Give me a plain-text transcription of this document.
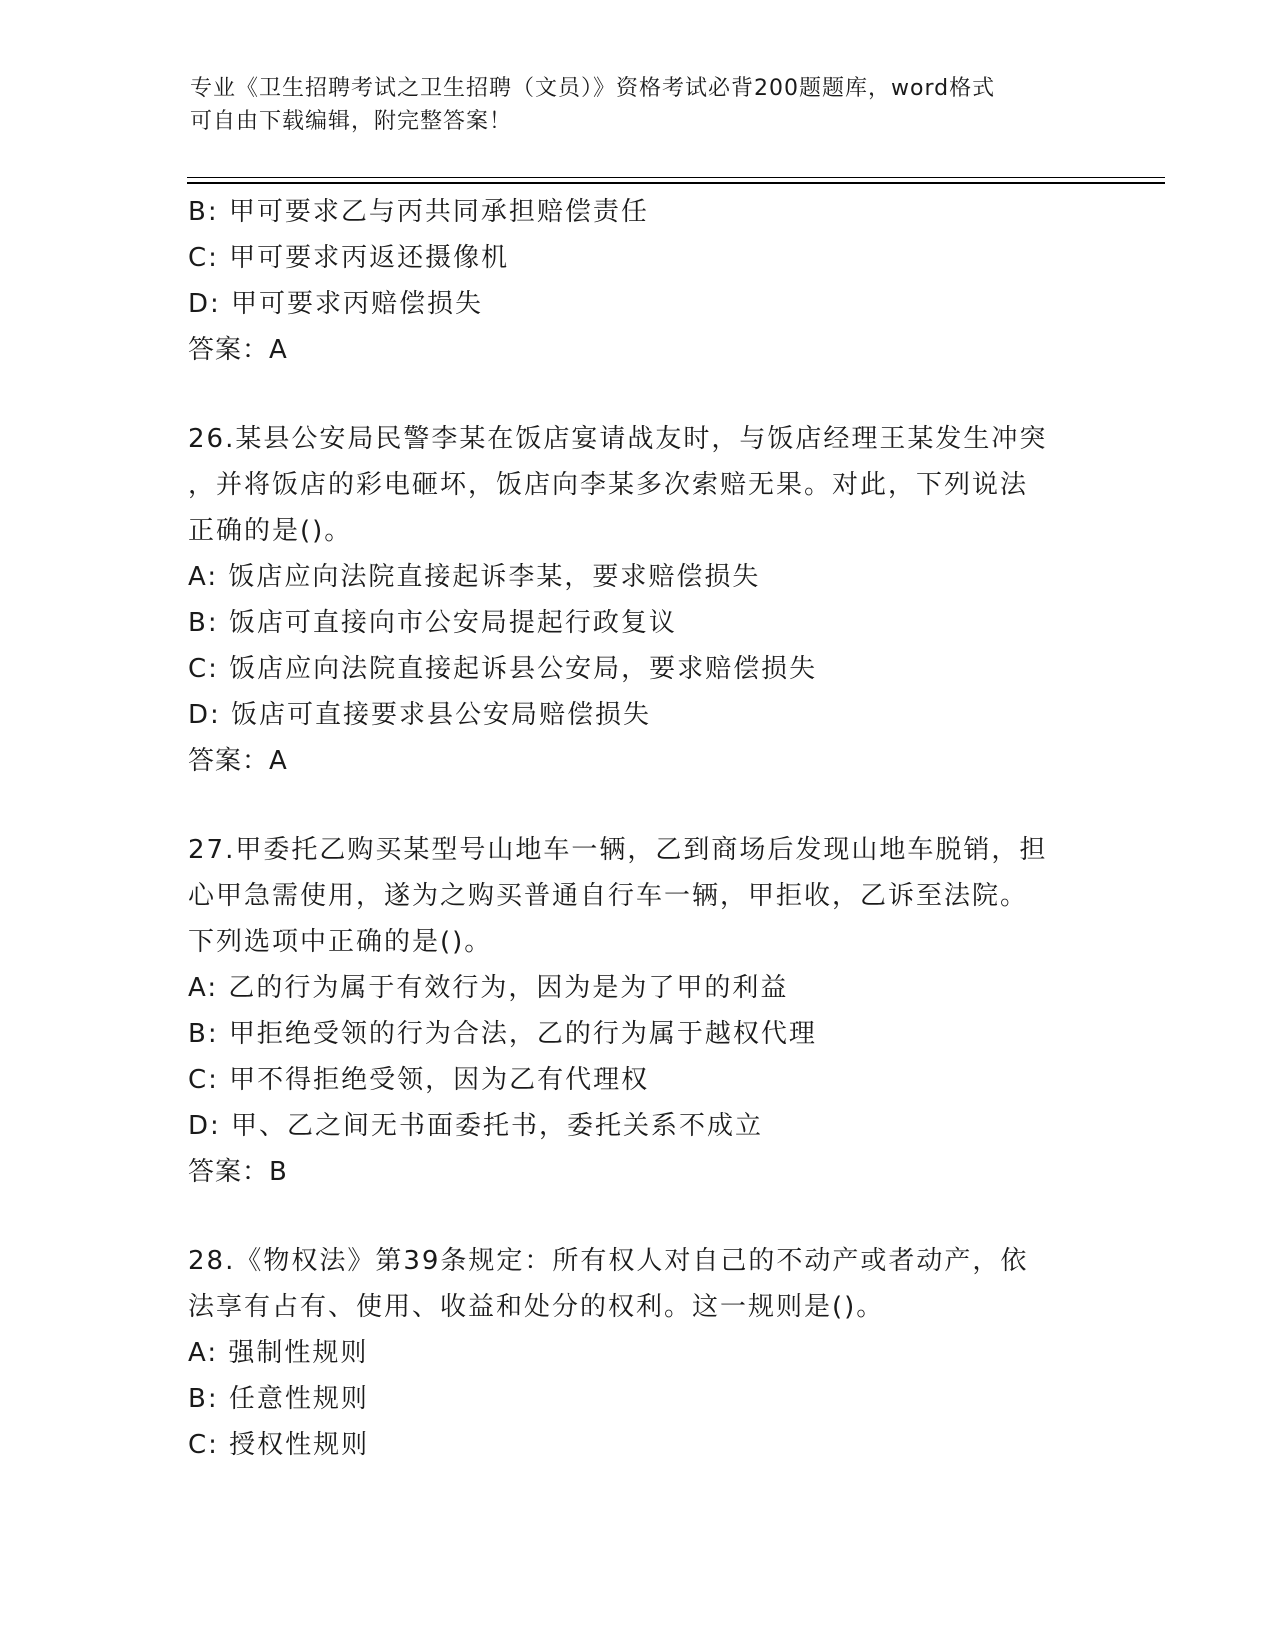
专业《卫生招聘考试之卫生招聘（文员）》资格考试必背200题题库，word格式
可自由下载编辑，附完整答案！
B: 甲可要求乙与丙共同承担赔偿责任
C: 甲可要求丙返还摄像机
D: 甲可要求丙赔偿损失
答案：A
26.某县公安局民警李某在饭店宴请战友时，与饭店经理王某发生冲突
，并将饭店的彩电砸坏，饭店向李某多次索赔无果。对此，下列说法
正确的是()。
A: 饭店应向法院直接起诉李某，要求赔偿损失
B: 饭店可直接向市公安局提起行政复议
C: 饭店应向法院直接起诉县公安局，要求赔偿损失
D: 饭店可直接要求县公安局赔偿损失
答案：A
27.甲委托乙购买某型号山地车一辆，乙到商场后发现山地车脱销，担
心甲急需使用，遂为之购买普通自行车一辆，甲拒收，乙诉至法院。
下列选项中正确的是()。
A: 乙的行为属于有效行为，因为是为了甲的利益
B: 甲拒绝受领的行为合法，乙的行为属于越权代理
C: 甲不得拒绝受领，因为乙有代理权
D: 甲、乙之间无书面委托书，委托关系不成立
答案：B
28.《物权法》第39条规定：所有权人对自己的不动产或者动产，依
法享有占有、使用、收益和处分的权利。这一规则是()。
A: 强制性规则
B: 任意性规则
C: 授权性规则
